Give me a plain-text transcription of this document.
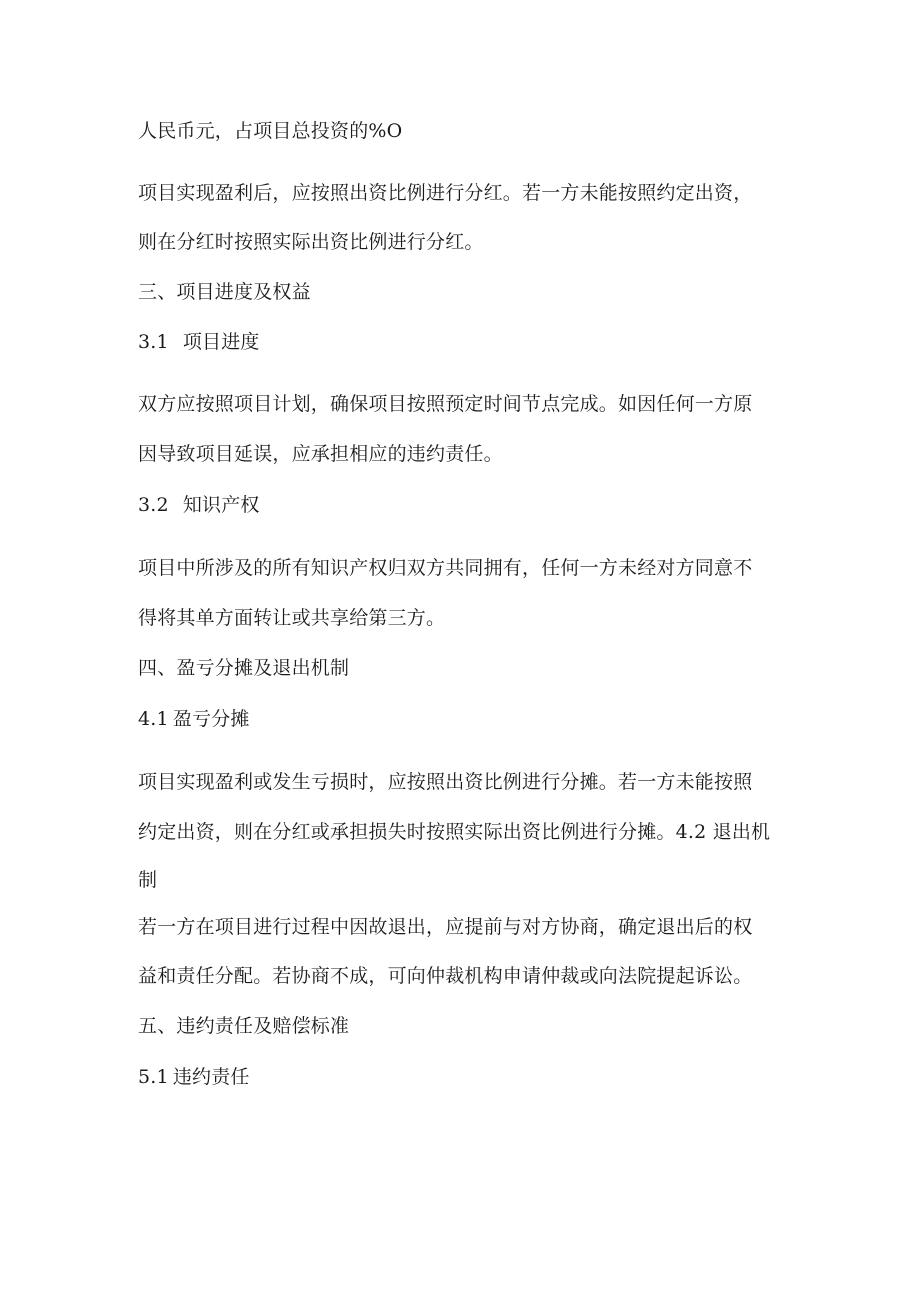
人民币元，占项目总投资的%O
项目实现盈利后，应按照出资比例进行分红。若一方未能按照约定出资，
则在分红时按照实际出资比例进行分红。
三、项目进度及权益
3.1 项目进度
双方应按照项目计划，确保项目按照预定时间节点完成。如因任何一方原
因导致项目延误，应承担相应的违约责任。
3.2 知识产权
项目中所涉及的所有知识产权归双方共同拥有，任何一方未经对方同意不
得将其单方面转让或共享给第三方。
四、盈亏分摊及退出机制
4.1 盈亏分摊
项目实现盈利或发生亏损时，应按照出资比例进行分摊。若一方未能按照
约定出资，则在分红或承担损失时按照实际出资比例进行分摊。4.2 退出机
制
若一方在项目进行过程中因故退出，应提前与对方协商，确定退出后的权
益和责任分配。若协商不成，可向仲裁机构申请仲裁或向法院提起诉讼。
五、违约责任及赔偿标准
5.1 违约责任
